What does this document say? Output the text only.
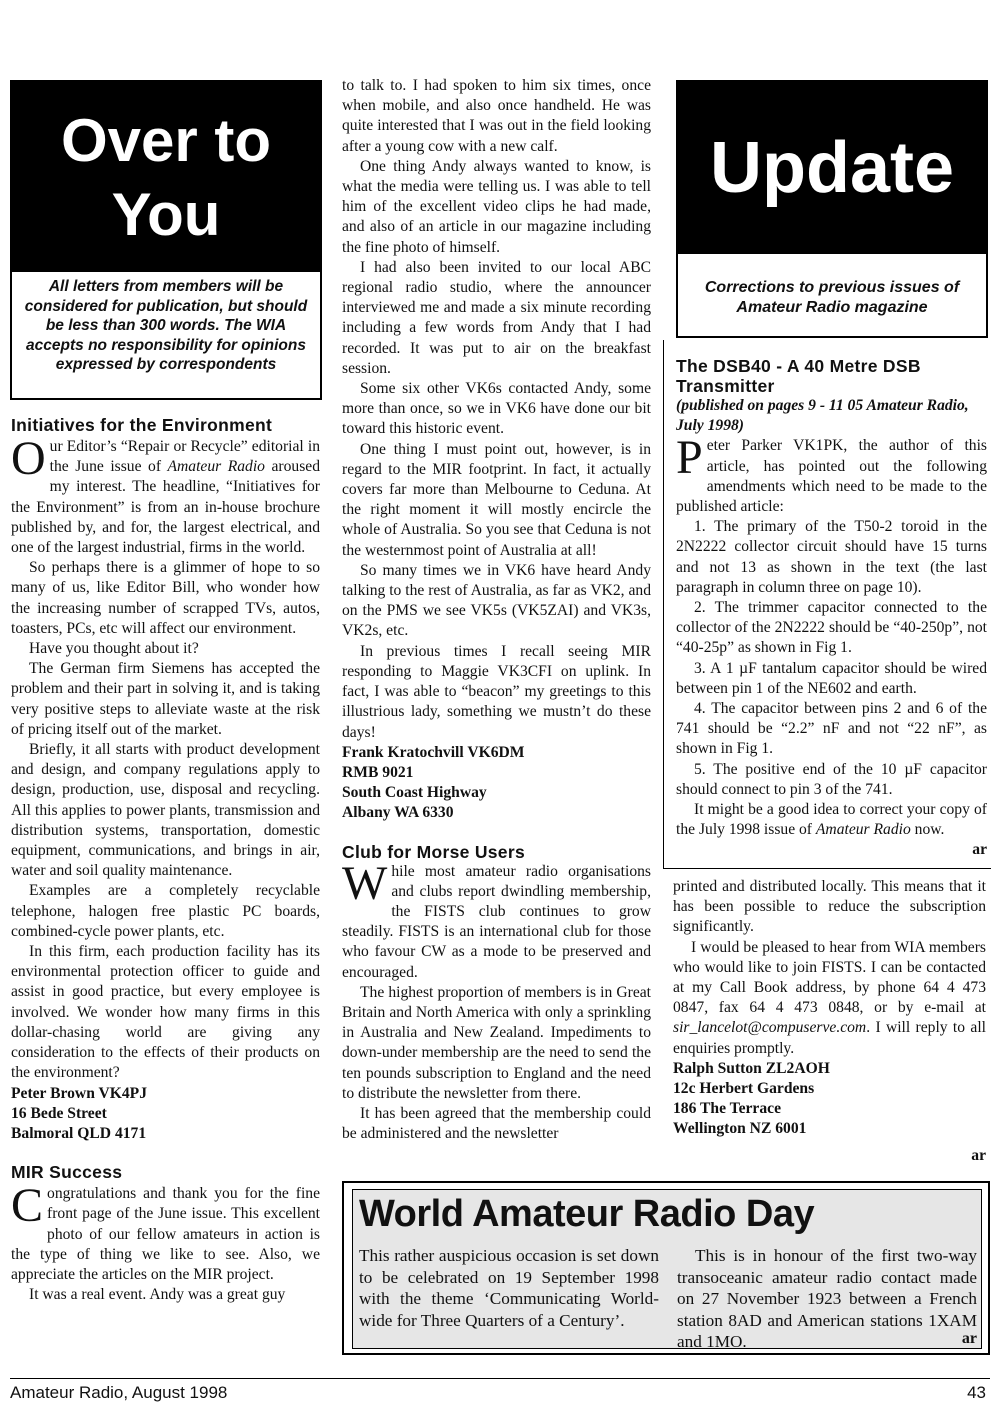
Over to
You
All letters from members will be considered for publication, but should be less than 300 words. The WIA accepts no responsibility for opinions expressed by correspondents
Initiatives for the Environment

Our Editor’s “Repair or Recycle” editorial in the June issue of Amateur Radio aroused my interest. The headline, “Initiatives for the Environment” is from an in-house brochure published by, and for, the largest electrical, and one of the largest industrial, firms in the world.

So perhaps there is a glimmer of hope to so many of us, like Editor Bill, who wonder how the increasing number of scrapped TVs, autos, toasters, PCs, etc will affect our environment.

Have you thought about it?

The German firm Siemens has accepted the problem and their part in solving it, and is taking very positive steps to alleviate waste at the risk of pricing itself out of the market.

Briefly, it all starts with product development and design, and company regulations apply to design, production, use, disposal and recycling. All this applies to power plants, transmission and distribution systems, transportation, domestic equipment, communications, and brings in air, water and soil quality maintenance.

Examples are a completely recyclable telephone, halogen free plastic PC boards, combined-cycle power plants, etc.

In this firm, each production facility has its environmental protection officer to guide and assist in good practice, but every employee is involved. We wonder how many firms in this dollar-chasing world are giving any consideration to the effects of their products on the environment?

Peter Brown VK4PJ

16 Bede Street

Balmoral QLD 4171

MIR Success

Congratulations and thank you for the fine front page of the June issue. This excellent photo of our fellow amateurs in action is the type of thing we like to see. Also, we appreciate the articles on the MIR project.

It was a real event. Andy was a great guy

to talk to. I had spoken to him six times, once when mobile, and also once handheld. He was quite interested that I was out in the field looking after a young cow with a new calf.

One thing Andy always wanted to know, is what the media were telling us. I was able to tell him of the excellent video clips he had made, and also of an article in our magazine including the fine photo of himself.

I had also been invited to our local ABC regional radio studio, where the announcer interviewed me and made a six minute recording including a few words from Andy that I had recorded. It was put to air on the breakfast session.

Some six other VK6s contacted Andy, some more than once, so we in VK6 have done our bit toward this historic event.

One thing I must point out, however, is in regard to the MIR footprint. In fact, it actually covers far more than Melbourne to Ceduna. At the right moment it will mostly encircle the whole of Australia. So you see that Ceduna is not the westernmost point of Australia at all!

So many times we in VK6 have heard Andy talking to the rest of Australia, as far as VK2, and on the PMS we see VK5s (VK5ZAI) and VK3s, VK2s, etc.

In previous times I recall seeing MIR responding to Maggie VK3CFI on uplink. In fact, I was able to “beacon” my greetings to this illustrious lady, something we mustn’t do these days!

Frank Kratochvill VK6DM

RMB 9021

South Coast Highway

Albany WA 6330

Club for Morse Users

While most amateur radio organisations and clubs report dwindling membership, the FISTS club continues to grow steadily. FISTS is an international club for those who favour CW as a mode to be preserved and encouraged.

The highest proportion of members is in Great Britain and North America with only a sprinkling in Australia and New Zealand. Impediments to down-under membership are the need to send the ten pounds subscription to England and the need to distribute the newsletter from there.

It has been agreed that the membership could be administered and the newsletter

Update
Corrections to previous issues of Amateur Radio magazine
The DSB40 - A 40 Metre DSB Transmitter

(published on pages 9 - 11 05 Amateur Radio, July 1998)

Peter Parker VK1PK, the author of this article, has pointed out the following amendments which need to be made to the published article:

1. The primary of the T50-2 toroid in the 2N2222 collector circuit should have 15 turns and not 13 as shown in the text (the last paragraph in column three on page 10).

2. The trimmer capacitor connected to the collector of the 2N2222 should be “40-250p”, not “40-25p” as shown in Fig 1.

3. A 1 µF tantalum capacitor should be wired between pin 1 of the NE602 and earth.

4. The capacitor between pins 2 and 6 of the 741 should be “2.2” nF and not “22 nF”, as shown in Fig 1.

5. The positive end of the 10 µF capacitor should connect to pin 3 of the 741.

It might be a good idea to correct your copy of the July 1998 issue of Amateur Radio now.

ar

printed and distributed locally. This means that it has been possible to reduce the subscription significantly.

I would be pleased to hear from WIA members who would like to join FISTS. I can be contacted at my Call Book address, by phone 64 4 473 0847, fax 64 4 473 0848, or by e-mail at sir_lancelot@compuserve.com. I will reply to all enquiries promptly.

Ralph Sutton ZL2AOH

12c Herbert Gardens

186 The Terrace

Wellington NZ 6001

ar

World Amateur Radio Day
This rather auspicious occasion is set down to be celebrated on 19 September 1998 with the theme ‘Communicating World-wide for Three Quarters of a Century’.
This is in honour of the first two-way transoceanic amateur radio contact made on 27 November 1923 between a French station 8AD and American stations 1XAM and 1MO.	ar
Amateur Radio, August 1998	43
